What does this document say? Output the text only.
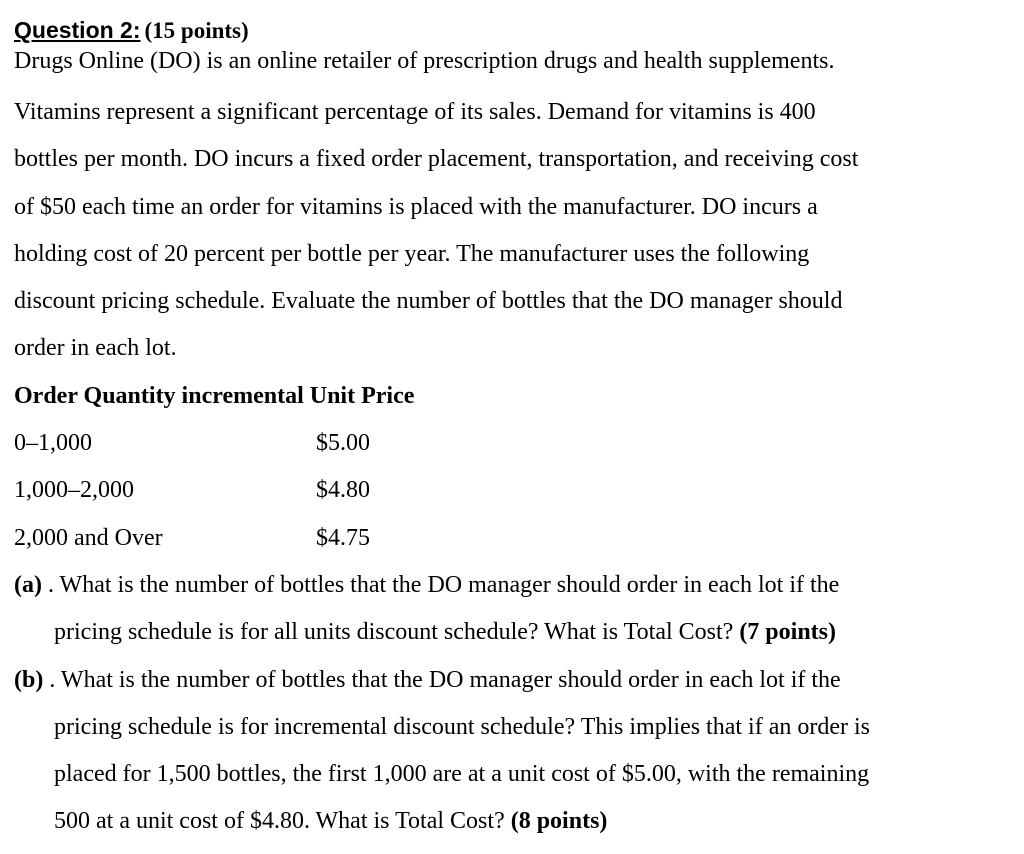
Question 2: (15 points)
Drugs Online (DO) is an online retailer of prescription drugs and health supplements.
Vitamins represent a significant percentage of its sales. Demand for vitamins is 400
bottles per month. DO incurs a fixed order placement, transportation, and receiving cost
of $50 each time an order for vitamins is placed with the manufacturer. DO incurs a
holding cost of 20 percent per bottle per year. The manufacturer uses the following
discount pricing schedule. Evaluate the number of bottles that the DO manager should
order in each lot.
Order Quantity incremental Unit Price
0–1,000	$5.00
1,000–2,000	$4.80
2,000 and Over	$4.75
(a) . What is the number of bottles that the DO manager should order in each lot if the
pricing schedule is for all units discount schedule? What is Total Cost? (7 points)
(b) . What is the number of bottles that the DO manager should order in each lot if the
pricing schedule is for incremental discount schedule? This implies that if an order is
placed for 1,500 bottles, the first 1,000 are at a unit cost of $5.00, with the remaining
500 at a unit cost of $4.80. What is Total Cost? (8 points)
